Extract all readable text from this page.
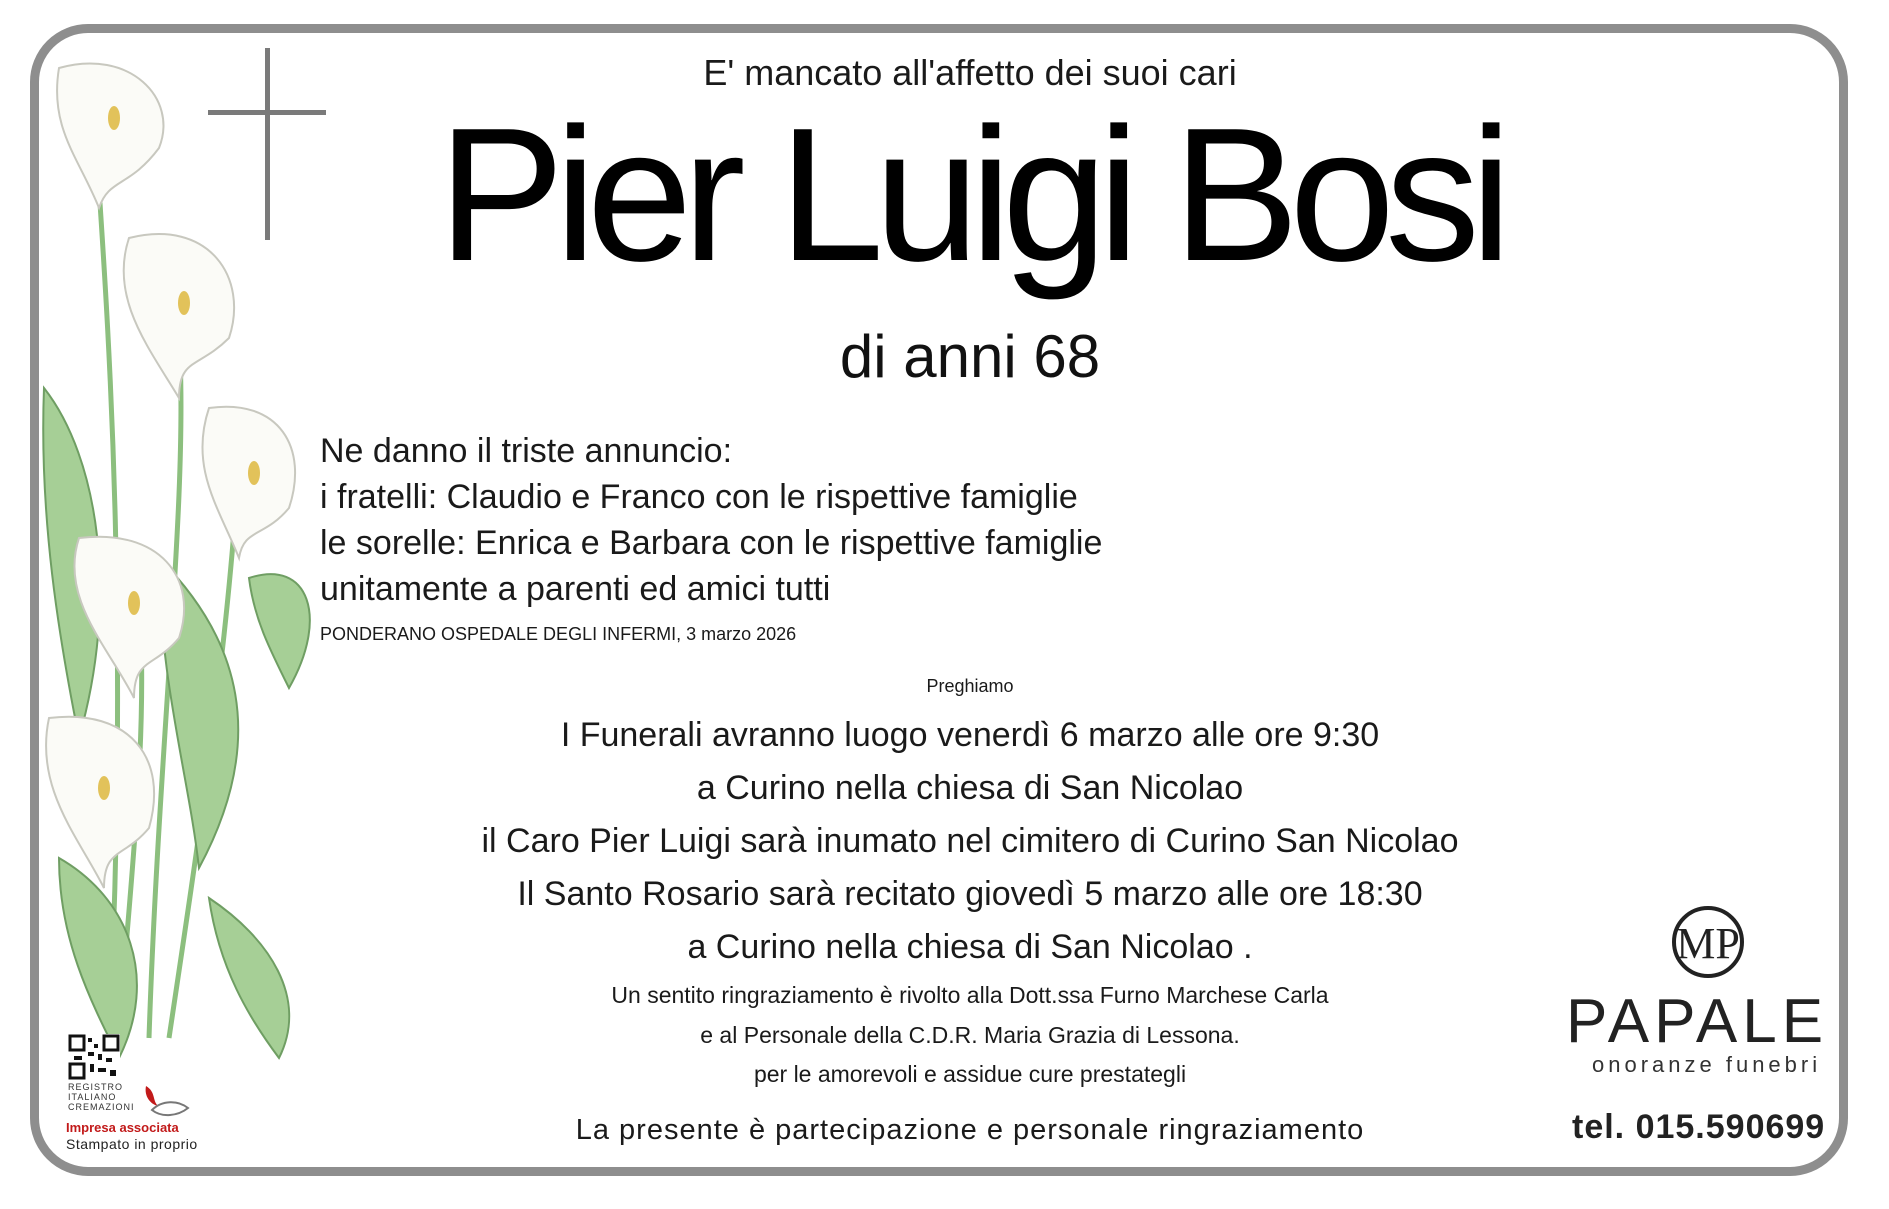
E' mancato all'affetto dei suoi cari
Pier Luigi Bosi
di anni 68
Ne danno il triste annuncio:
i fratelli: Claudio e Franco con le rispettive famiglie
le sorelle: Enrica e Barbara con le rispettive famiglie
unitamente a parenti ed amici tutti
PONDERANO OSPEDALE DEGLI INFERMI, 3 marzo 2026
Preghiamo
I Funerali avranno luogo venerdì 6 marzo alle ore 9:30
a Curino nella chiesa di San Nicolao
il Caro Pier Luigi sarà inumato nel cimitero di Curino San Nicolao
Il Santo Rosario sarà recitato giovedì 5 marzo alle ore 18:30
a Curino nella chiesa di San Nicolao .
Un sentito ringraziamento è rivolto alla Dott.ssa Furno Marchese Carla
e al Personale della C.D.R. Maria Grazia di Lessona.
per le amorevoli e assidue cure prestategli
La presente è partecipazione e personale ringraziamento
MP
PAPALE
onoranze funebri
tel. 015.590699
REGISTRO
ITALIANO
CREMAZIONI
Impresa associata
Stampato in proprio
